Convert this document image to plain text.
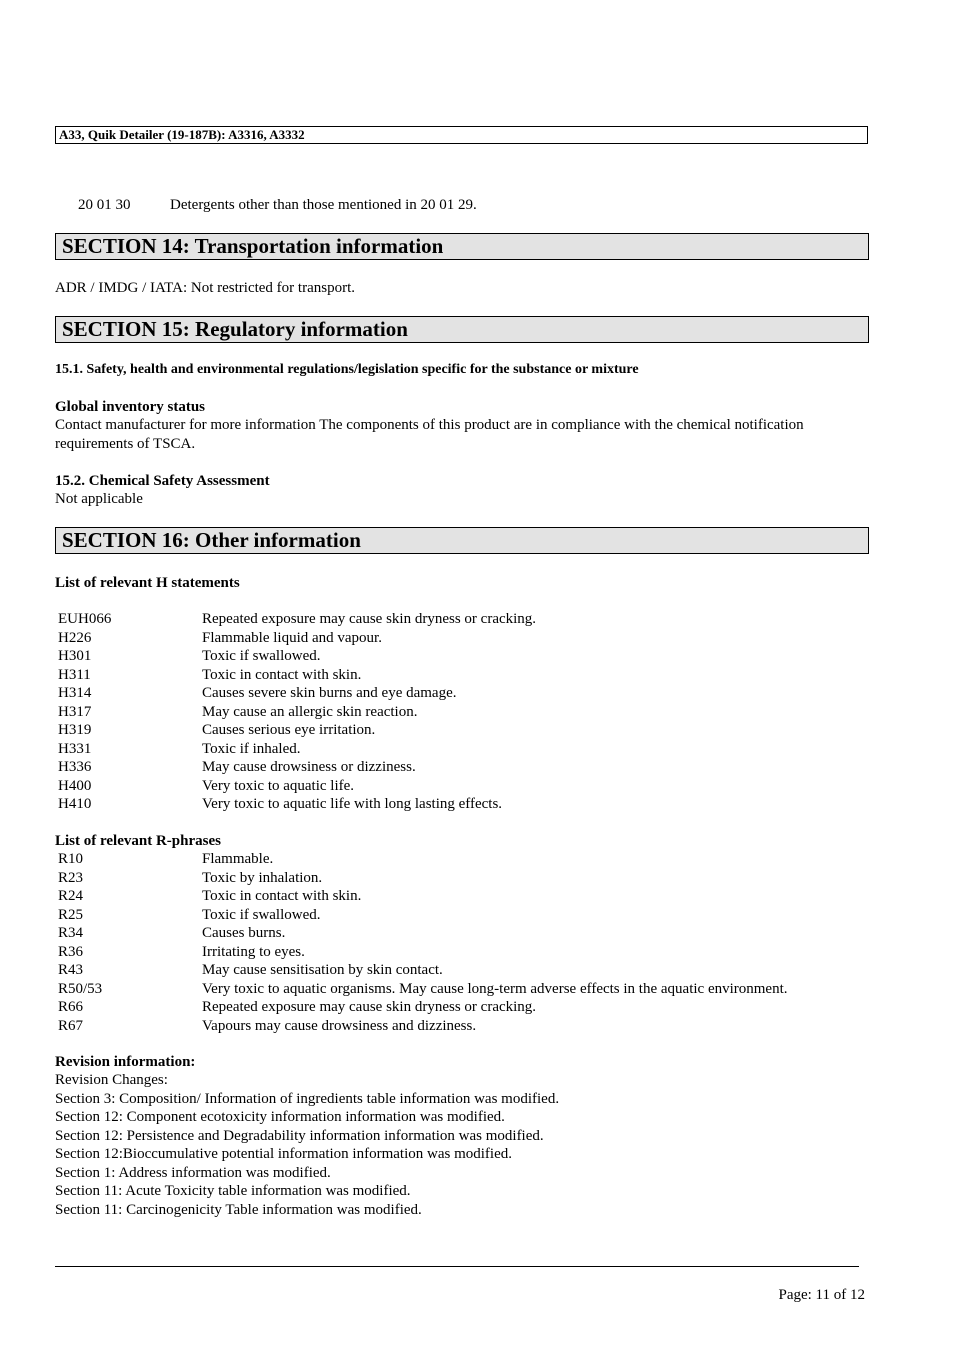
A33, Quik Detailer (19-187B): A3316, A3332
20 01 30	Detergents other than those mentioned in 20 01 29.
SECTION 14: Transportation information
ADR / IMDG / IATA: Not restricted for transport.
SECTION 15: Regulatory information
15.1. Safety, health and environmental regulations/legislation specific for the substance or mixture
Global inventory status
Contact manufacturer for more information The components of this product are in compliance with the chemical notification
requirements of TSCA.
15.2. Chemical Safety Assessment
Not applicable
SECTION 16: Other information
List of relevant H statements
EUH066	Repeated exposure may cause skin dryness or cracking.
H226	Flammable liquid and vapour.
H301	Toxic if swallowed.
H311	Toxic in contact with skin.
H314	Causes severe skin burns and eye damage.
H317	May cause an allergic skin reaction.
H319	Causes serious eye irritation.
H331	Toxic if inhaled.
H336	May cause drowsiness or dizziness.
H400	Very toxic to aquatic life.
H410	Very toxic to aquatic life with long lasting effects.
List of relevant R-phrases
R10	Flammable.
R23	Toxic by inhalation.
R24	Toxic in contact with skin.
R25	Toxic if swallowed.
R34	Causes burns.
R36	Irritating to eyes.
R43	May cause sensitisation by skin contact.
R50/53	Very toxic to aquatic organisms. May cause long-term adverse effects in the aquatic environment.
R66	Repeated exposure may cause skin dryness or cracking.
R67	Vapours may cause drowsiness and dizziness.
Revision information:
Revision Changes:
Section 3: Composition/ Information of ingredients table information was modified.
Section 12: Component ecotoxicity information information was modified.
Section 12: Persistence and Degradability information information was modified.
Section 12:Bioccumulative potential information information was modified.
Section 1: Address information was modified.
Section 11: Acute Toxicity table information was modified.
Section 11: Carcinogenicity Table information was modified.
Page: 11 of 12
